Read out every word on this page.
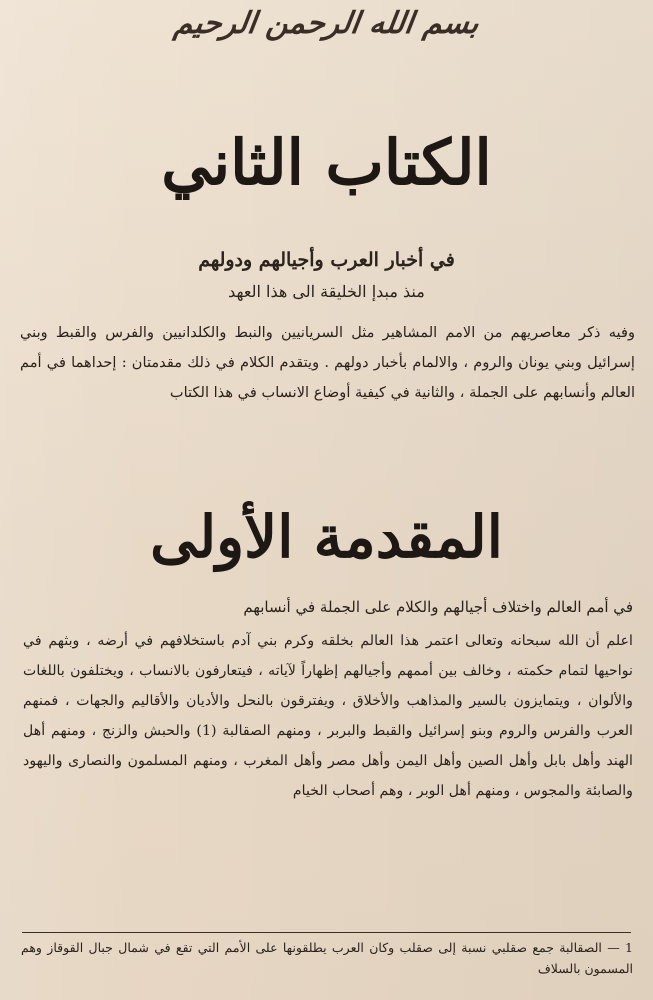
بسم الله الرحمن الرحيم
الكتاب الثاني
في أخبار العرب وأجيالهم ودولهم
منذ مبدإ الخليقة الى هذا العهد

وفيه ذكر معاصريهم من الامم المشاهير مثل السريانيين والنبط والكلدانيين والفرس والقبط وبني إسرائيل وبني يونان والروم ، والالمام بأخبار دولهم . ويتقدم الكلام في ذلك مقدمتان : إحداهما في أمم العالم وأنسابهم على الجملة ، والثانية في كيفية أوضاع الانساب في هذا الكتاب

المقدمة الأولى
في أمم العالم واختلاف أجيالهم والكلام على الجملة في أنسابهم

اعلم أن الله سبحانه وتعالى اعتمر هذا العالم بخلقه وكرم بني آدم باستخلافهم في أرضه ، وبثهم في نواحيها لتمام حكمته ، وخالف بين أممهم وأجيالهم إظهاراً لآياته ، فيتعارفون بالانساب ، ويختلفون باللغات والألوان ، ويتمايزون بالسير والمذاهب والأخلاق ، ويفترقون بالنحل والأديان والأقاليم والجهات ، فمنهم العرب والفرس والروم وبنو إسرائيل والقبط والبربر ، ومنهم الصقالبة (1) والحبش والزنج ، ومنهم أهل الهند وأهل بابل وأهل الصين وأهل اليمن وأهل مصر وأهل المغرب ، ومنهم المسلمون والنصارى واليهود والصابئة والمجوس ، ومنهم أهل الوبر ، وهم أصحاب الخيام

1 — الصقالبة جمع صقلبي نسبة إلى صقلب وكان العرب يطلقونها على الأمم التي تقع في شمال جبال القوقاز وهم المسمون بالسلاف
